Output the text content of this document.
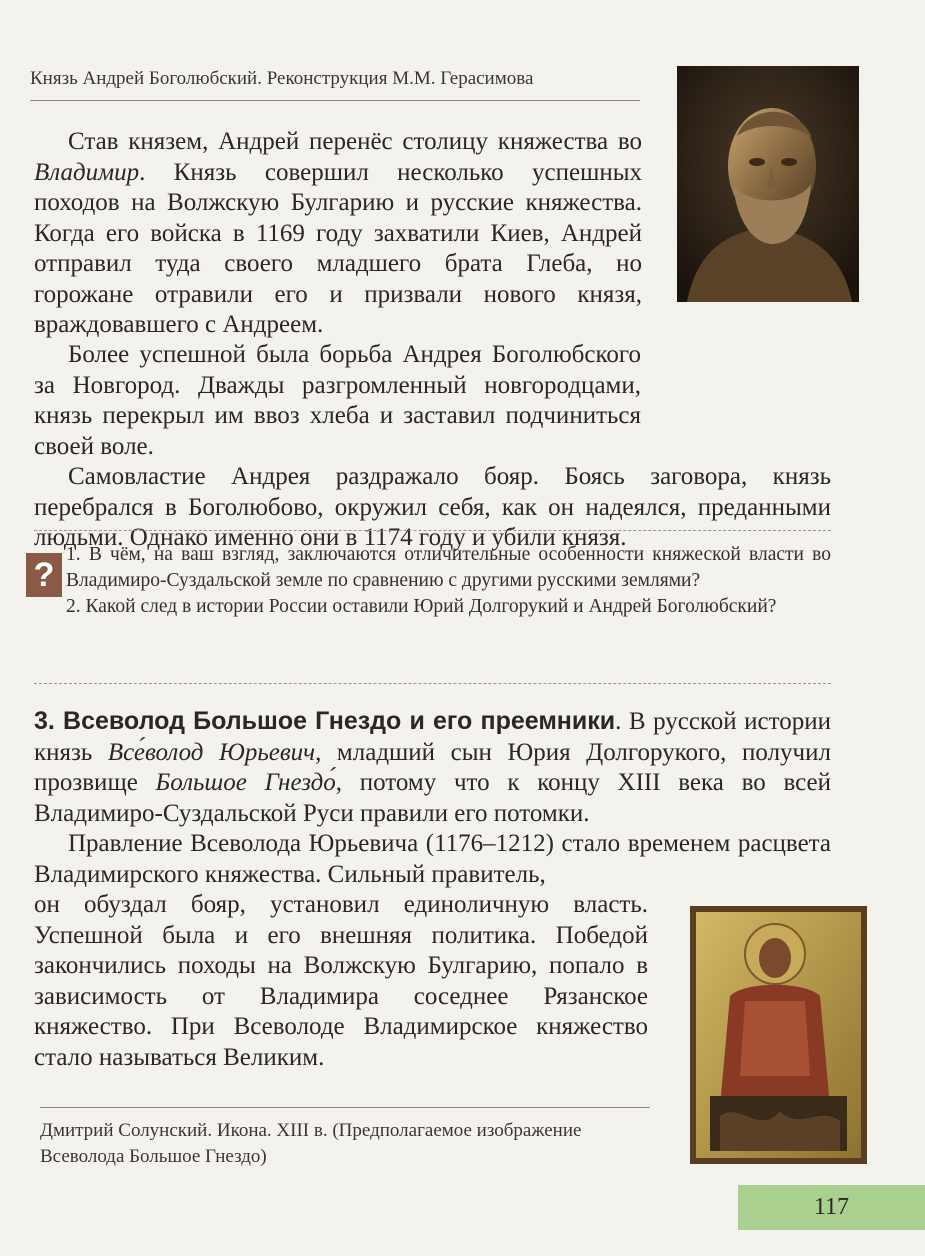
Князь Андрей Боголюбский. Реконструкция М.М. Герасимова

Став князем, Андрей перенёс столицу княжества во Владимир. Князь совершил несколько успешных походов на Волжскую Булгарию и русские княжества. Когда его войска в 1169 году захватили Киев, Андрей отправил туда своего младшего брата Глеба, но горожане отравили его и призвали нового князя, враждовавшего с Андреем.

Более успешной была борьба Андрея Боголюбского за Новгород. Дважды разгромленный новгородцами, князь перекрыл им ввоз хлеба и заставил подчиниться своей воле.

Самовластие Андрея раздражало бояр. Боясь заговора, князь перебрался в Боголюбово, окружил себя, как он надеялся, преданными людьми. Однако именно они в 1174 году и убили князя.

?

1. В чём, на ваш взгляд, заключаются отличительные особенности княжеской власти во Владимиро-Суздальской земле по сравнению с другими русскими землями?

2. Какой след в истории России оставили Юрий Долгорукий и Андрей Боголюбский?

3. Всеволод Большое Гнездо и его преемники. В русской истории князь Все́волод Юрьевич, младший сын Юрия Долгорукого, получил прозвище Большое Гнездо́, потому что к концу XIII века во всей Владимиро-Суздальской Руси правили его потомки.

Правление Всеволода Юрьевича (1176–1212) стало временем расцвета Владимирского княжества. Сильный правитель,

он обуздал бояр, установил единоличную власть. Успешной была и его внешняя политика. Победой закончились походы на Волжскую Булгарию, попало в зависимость от Владимира соседнее Рязанское княжество. При Всеволоде Владимирское княжество стало называться Великим.

Дмитрий Солунский. Икона. XIII в. (Предполагаемое изображение Всеволода Большое Гнездо)
117
